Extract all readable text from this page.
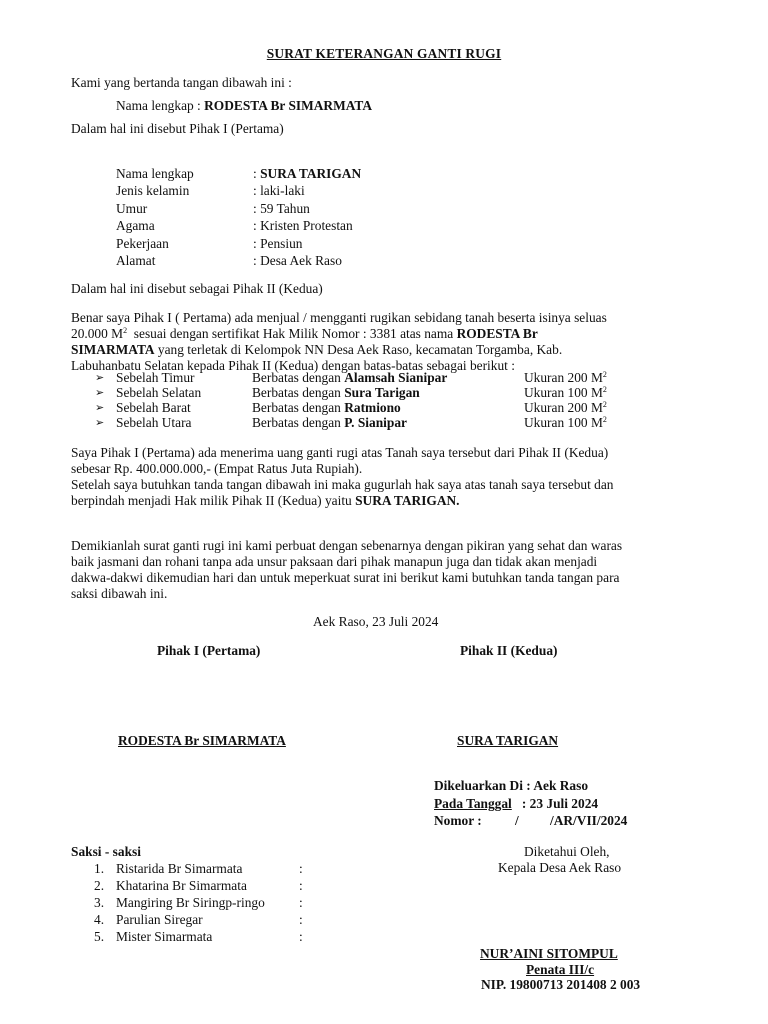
SURAT KETERANGAN GANTI RUGI
Kami yang bertanda tangan dibawah ini :
Nama lengkap : RODESTA Br SIMARMATA
Dalam hal ini disebut Pihak I (Pertama)
Nama lengkap	: SURA TARIGAN
Jenis kelamin	: laki-laki
Umur	: 59 Tahun
Agama	: Kristen Protestan
Pekerjaan	: Pensiun
Alamat	: Desa Aek Raso
Dalam hal ini disebut sebagai Pihak II (Kedua)
Benar saya Pihak I ( Pertama) ada menjual / mengganti rugikan sebidang tanah beserta isinya seluas
20.000 $M^2$  sesuai dengan sertifikat Hak Milik Nomor : 3381 atas nama RODESTA Br
SIMARMATA yang terletak di Kelompok NN Desa Aek Raso, kecamatan Torgamba, Kab.
Labuhanbatu Selatan kepada Pihak II (Kedua) dengan batas-batas sebagai berikut :
➢ Sebelah Timur	Berbatas dengan Alamsah Sianipar	Ukuran 200 $M^2$
➢ Sebelah Selatan	Berbatas dengan Sura Tarigan	Ukuran 100 $M^2$
➢ Sebelah Barat	Berbatas dengan Ratmiono	Ukuran 200 $M^2$
➢ Sebelah Utara	Berbatas dengan P. Sianipar	Ukuran 100 $M^2$
Saya Pihak I (Pertama) ada menerima uang ganti rugi atas Tanah saya tersebut dari Pihak II (Kedua)
sebesar Rp. 400.000.000,- (Empat Ratus Juta Rupiah).
Setelah saya butuhkan tanda tangan dibawah ini maka gugurlah hak saya atas tanah saya tersebut dan
berpindah menjadi Hak milik Pihak II (Kedua) yaitu SURA TARIGAN.
Demikianlah surat ganti rugi ini kami perbuat dengan sebenarnya dengan pikiran yang sehat dan waras
baik jasmani dan rohani tanpa ada unsur paksaan dari pihak manapun juga dan tidak akan menjadi
dakwa-dakwi dikemudian hari dan untuk meperkuat surat ini berikut kami butuhkan tanda tangan para
saksi dibawah ini.
Aek Raso, 23 Juli 2024
Pihak I (Pertama)	Pihak II (Kedua)
RODESTA Br SIMARMATA	SURA TARIGAN
Dikeluarkan Di : Aek Raso
Pada Tanggal   : 23 Juli 2024
Nomor : / /AR/VII/2024
Saksi - saksi
1. Ristarida Br Simarmata	:
2. Khatarina Br Simarmata	:
3. Mangiring Br Siringp-ringo	:
4. Parulian Siregar	:
5. Mister Simarmata	:
Diketahui Oleh,
Kepala Desa Aek Raso
NUR’AINI SITOMPUL
Penata III/c
NIP. 19800713 201408 2 003
